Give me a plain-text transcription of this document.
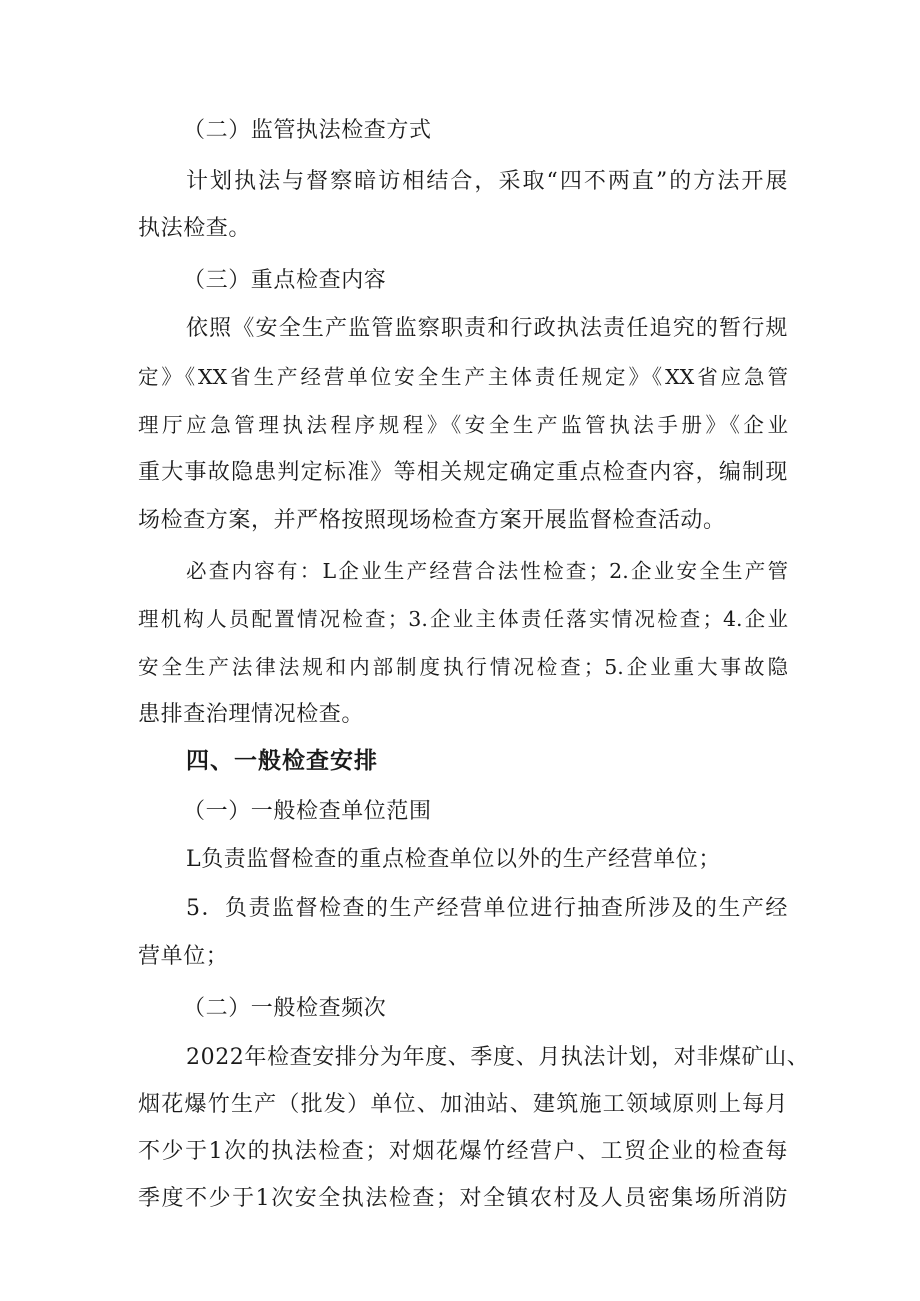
（二）监管执法检查方式
计划执法与督察暗访相结合，采取“四不两直”的方法开展
执法检查。
（三）重点检查内容
依照《安全生产监管监察职责和行政执法责任追究的暂行规
定》《XX省生产经营单位安全生产主体责任规定》《XX省应急管
理厅应急管理执法程序规程》《安全生产监管执法手册》《企业
重大事故隐患判定标准》等相关规定确定重点检查内容，编制现
场检查方案，并严格按照现场检查方案开展监督检查活动。
必查内容有：L企业生产经营合法性检查；2.企业安全生产管
理机构人员配置情况检查；3.企业主体责任落实情况检查；4.企业
安全生产法律法规和内部制度执行情况检查；5.企业重大事故隐
患排查治理情况检查。
四、一般检查安排
（一）一般检查单位范围
L负责监督检查的重点检查单位以外的生产经营单位；
5．负责监督检查的生产经营单位进行抽查所涉及的生产经
营单位；
（二）一般检查频次
2022年检查安排分为年度、季度、月执法计划，对非煤矿山、
烟花爆竹生产（批发）单位、加油站、建筑施工领域原则上每月
不少于1次的执法检查；对烟花爆竹经营户、工贸企业的检查每
季度不少于1次安全执法检查；对全镇农村及人员密集场所消防
